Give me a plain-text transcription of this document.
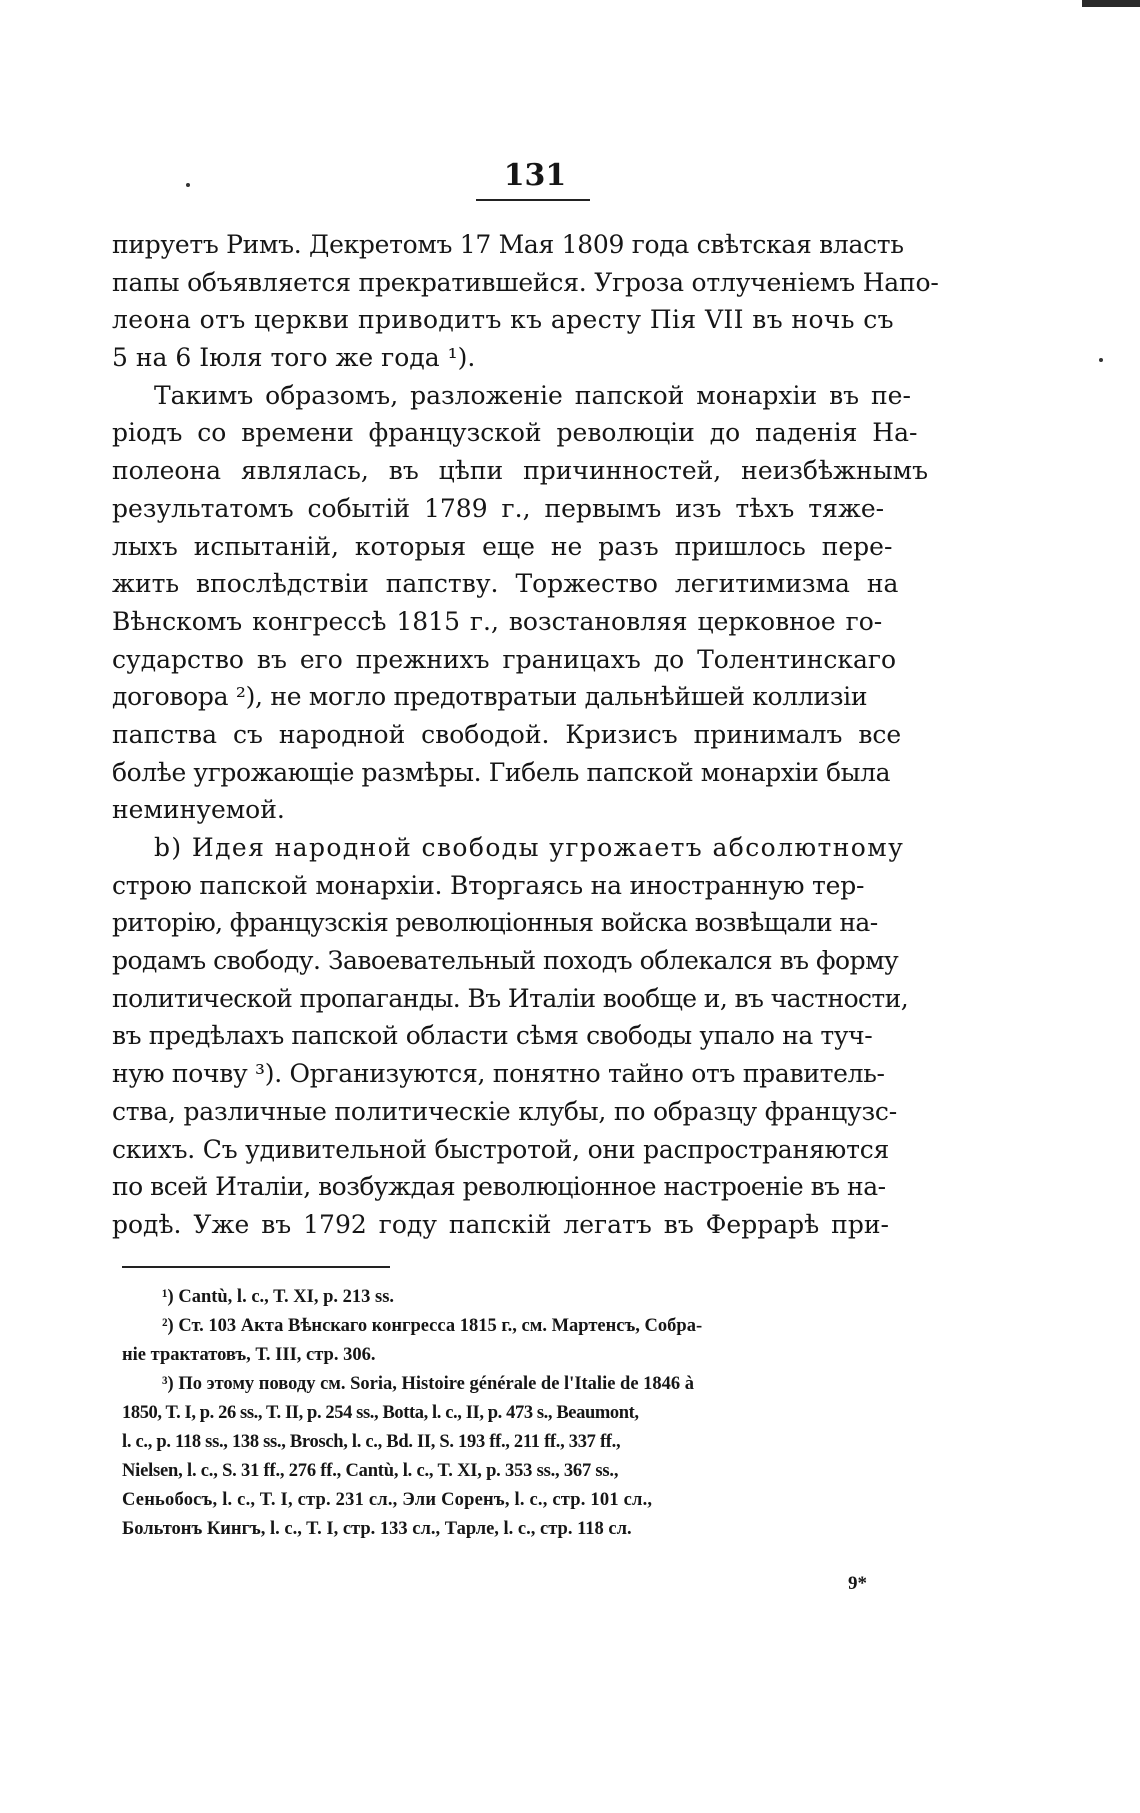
131
пируетъ Римъ. Декретомъ 17 Мая 1809 года свѣтская власть
папы объявляется прекратившейся. Угроза отлученіемъ Напо-
леона отъ церкви приводитъ къ аресту Пія VII въ ночь съ
5 на 6 Іюля того же года ¹).
Такимъ образомъ, разложеніе папской монархіи въ пе-
ріодъ со времени французской революціи до паденія На-
полеона являлась, въ цѣпи причинностей, неизбѣжнымъ
результатомъ событій 1789 г., первымъ изъ тѣхъ тяже-
лыхъ испытаній, которыя еще не разъ пришлось пере-
жить впослѣдствіи папству. Торжество легитимизма на
Вѣнскомъ конгрессѣ 1815 г., возстановляя церковное го-
сударство въ его прежнихъ границахъ до Толентинскаго
договора ²), не могло предотвратыи дальнѣйшей коллизіи
папства съ народной свободой. Кризисъ принималъ все
болѣе угрожающіе размѣры. Гибель папской монархіи была
неминуемой.
b) Идея народной свободы угрожаетъ абсолютному
строю папской монархіи. Вторгаясь на иностранную тер-
риторію, французскія революціонныя войска возвѣщали на-
родамъ свободу. Завоевательный походъ облекался въ форму
политической пропаганды. Въ Италіи вообще и, въ частности,
въ предѣлахъ папской области сѣмя свободы упало на туч-
ную почву ³). Организуются, понятно тайно отъ правитель-
ства, различные политическіе клубы, по образцу французс-
скихъ. Съ удивительной быстротой, они распространяются
по всей Италіи, возбуждая революціонное настроеніе въ на-
родѣ. Уже въ 1792 году папскій легатъ въ Феррарѣ при-
¹) Cantù, l. c., T. XI, p. 213 ss.
²) Ст. 103 Акта Вѣнскаго конгресса 1815 г., см. Мартенсъ, Собра-
ніе трактатовъ, Т. III, стр. 306.
³) По этому поводу см. Soria, Histoire générale de l'Italie de 1846 à
1850, T. I, p. 26 ss., T. II, p. 254 ss., Botta, l. c., II, p. 473 s., Beaumont,
l. c., p. 118 ss., 138 ss., Brosch, l. c., Bd. II, S. 193 ff., 211 ff., 337 ff.,
Nielsen, l. c., S. 31 ff., 276 ff., Cantù, l. c., T. XI, p. 353 ss., 367 ss.,
Сеньобосъ, l. c., T. I, стр. 231 сл., Эли Соренъ, l. c., стр. 101 сл.,
Больтонъ Кингъ, l. c., T. I, стр. 133 сл., Тарле, l. c., стр. 118 сл.
9*
